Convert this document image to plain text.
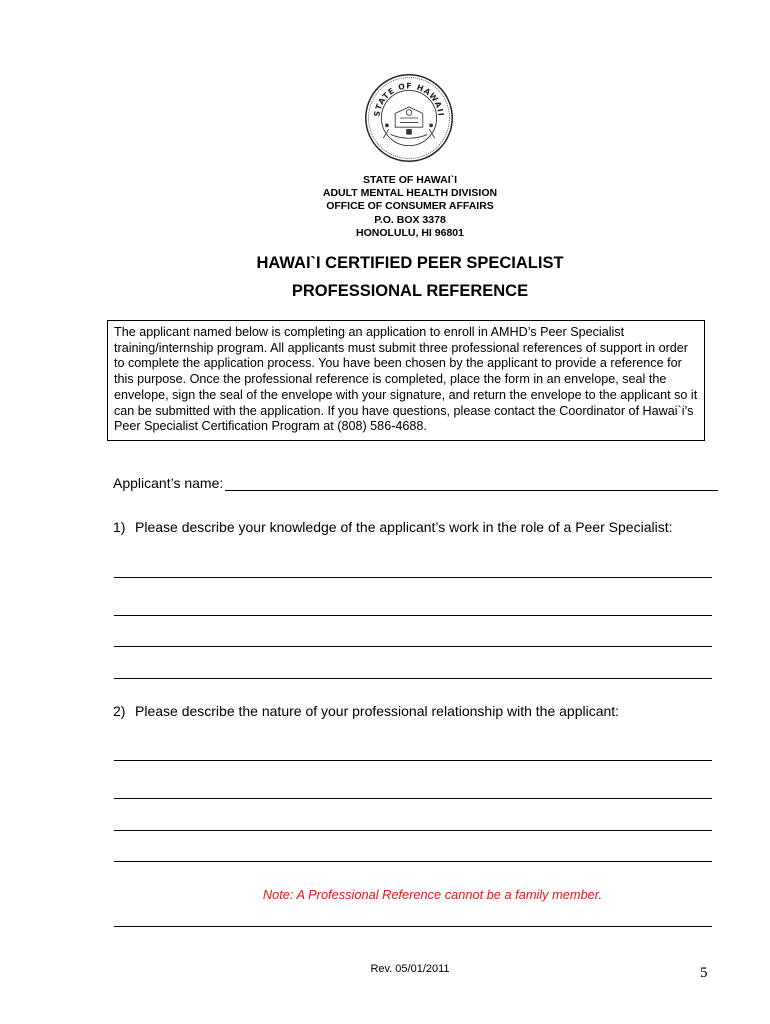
STATE OF HAWAII
STATE OF HAWAI`I
ADULT MENTAL HEALTH DIVISION
OFFICE OF CONSUMER AFFAIRS
P.O. BOX 3378
HONOLULU, HI 96801
HAWAI`I CERTIFIED PEER SPECIALIST
PROFESSIONAL REFERENCE
The applicant named below is completing an application to enroll in AMHD’s Peer Specialist training/internship program. All applicants must submit three professional references of support in order to complete the application process. You have been chosen by the applicant to provide a reference for this purpose. Once the professional reference is completed, place the form in an envelope, seal the envelope, sign the seal of the envelope with your signature, and return the envelope to the applicant so it can be submitted with the application. If you have questions, please contact the Coordinator of Hawai`i’s Peer Specialist Certification Program at (808) 586-4688.
Applicant’s name:
1) Please describe your knowledge of the applicant’s work in the role of a Peer Specialist:
2) Please describe the nature of your professional relationship with the applicant:
Note: A Professional Reference cannot be a family member.
Rev. 05/01/2011	5
